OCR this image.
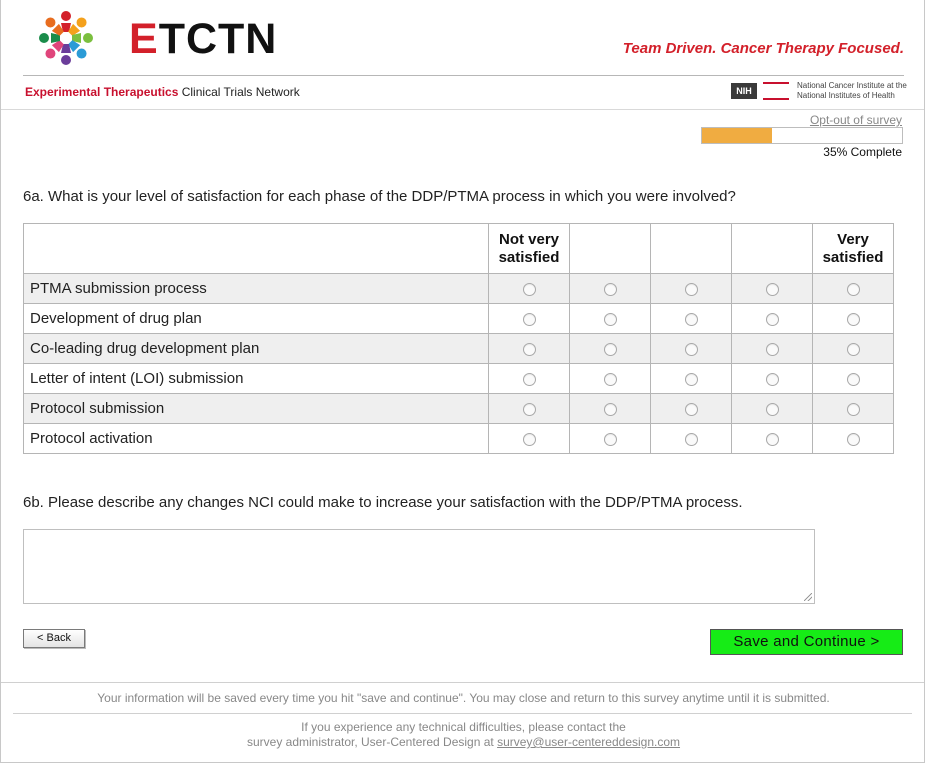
ETCTN	Team Driven. Cancer Therapy Focused.
Experimental Therapeutics Clinical Trials Network	NIH
National Cancer Institute at the
National Institutes of Health
Opt-out of survey
35% Complete
6a. What is your level of satisfaction for each phase of the DDP/PTMA process in which you were involved?
	Not very satisfied				Very satisfied
PTMA submission process					
Development of drug plan					
Co-leading drug development plan					
Letter of intent (LOI) submission					
Protocol submission					
Protocol activation					
6b. Please describe any changes NCI could make to increase your satisfaction with the DDP/PTMA process.
< Back	Save and Continue >
Your information will be saved every time you hit "save and continue". You may close and return to this survey anytime until it is submitted.
If you experience any technical difficulties, please contact the
survey administrator, User-Centered Design at survey@user-centereddesign.com
